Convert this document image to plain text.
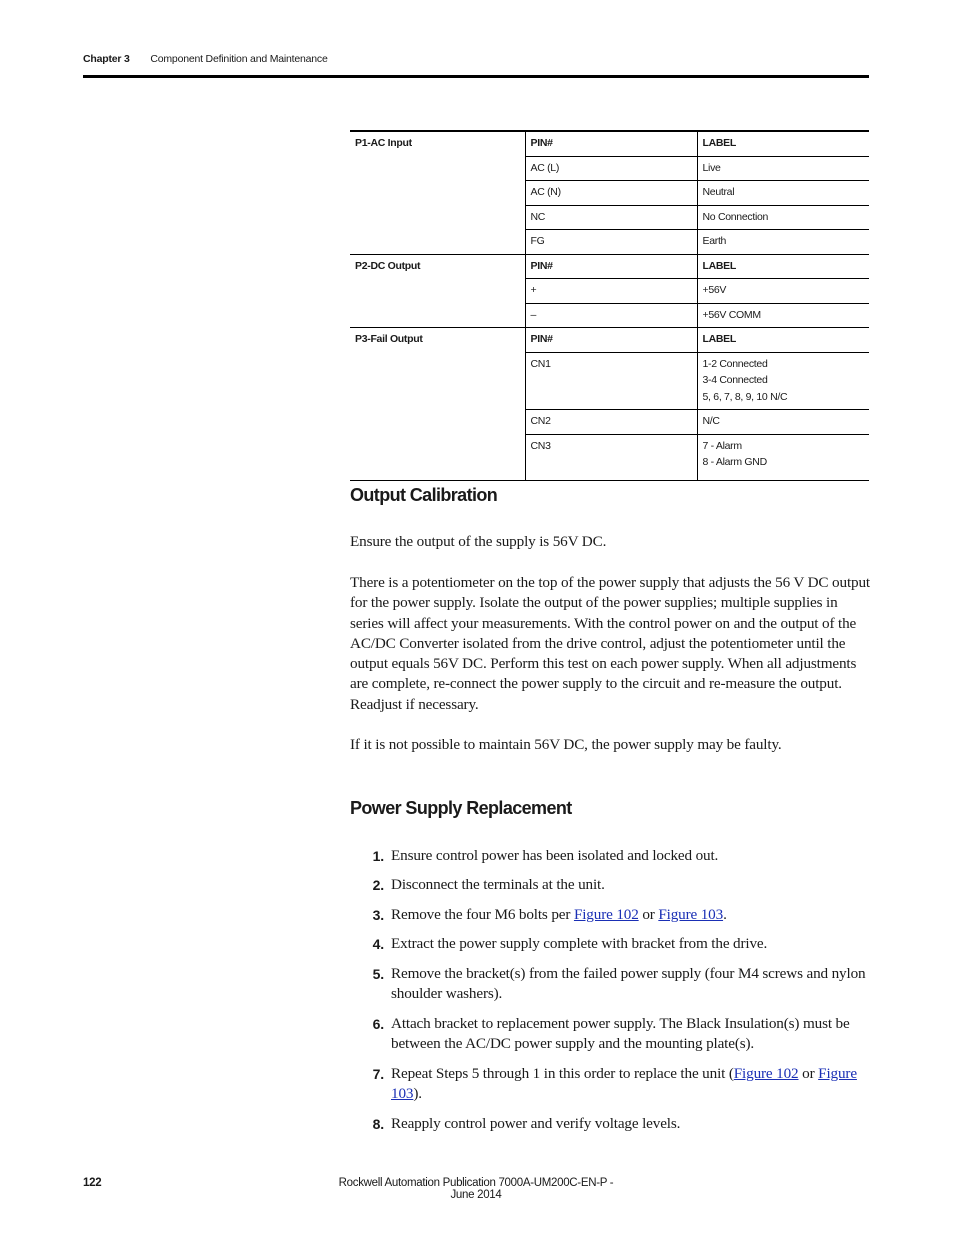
Chapter 3 Component Definition and Maintenance
P1-AC Input	PIN#	LABEL
	AC (L)	Live
	AC (N)	Neutral
	NC	No Connection
	FG	Earth
P2-DC Output	PIN#	LABEL
	+	+56V
	–	+56V COMM
P3-Fail Output	PIN#	LABEL
	CN1	1-2 Connected
3-4 Connected
5, 6, 7, 8, 9, 10 N/C

	CN2	N/C
	CN3	7 - Alarm
8 - Alarm GND
Output Calibration

Ensure the output of the supply is 56V DC.

There is a potentiometer on the top of the power supply that adjusts the 56 V DC output for the power supply. Isolate the output of the power supplies; multiple supplies in series will affect your measurements. With the control power on and the output of the AC/DC Converter isolated from the drive control, adjust the potentiometer until the output equals 56V DC. Perform this test on each power supply. When all adjustments are complete, re-connect the power supply to the circuit and re-measure the output. Readjust if necessary.

If it is not possible to maintain 56V DC, the power supply may be faulty.

Power Supply Replacement
1. Ensure control power has been isolated and locked out.
2. Disconnect the terminals at the unit.
3. Remove the four M6 bolts per Figure 102 or Figure 103.
4. Extract the power supply complete with bracket from the drive.
5. Remove the bracket(s) from the failed power supply (four M4 screws and nylon shoulder washers).
6. Attach bracket to replacement power supply. The Black Insulation(s) must be between the AC/DC power supply and the mounting plate(s).
7. Repeat Steps 5 through 1 in this order to replace the unit (Figure 102 or Figure 103).
8. Reapply control power and verify voltage levels.
122	Rockwell Automation Publication 7000A-UM200C-EN-P - June 2014
